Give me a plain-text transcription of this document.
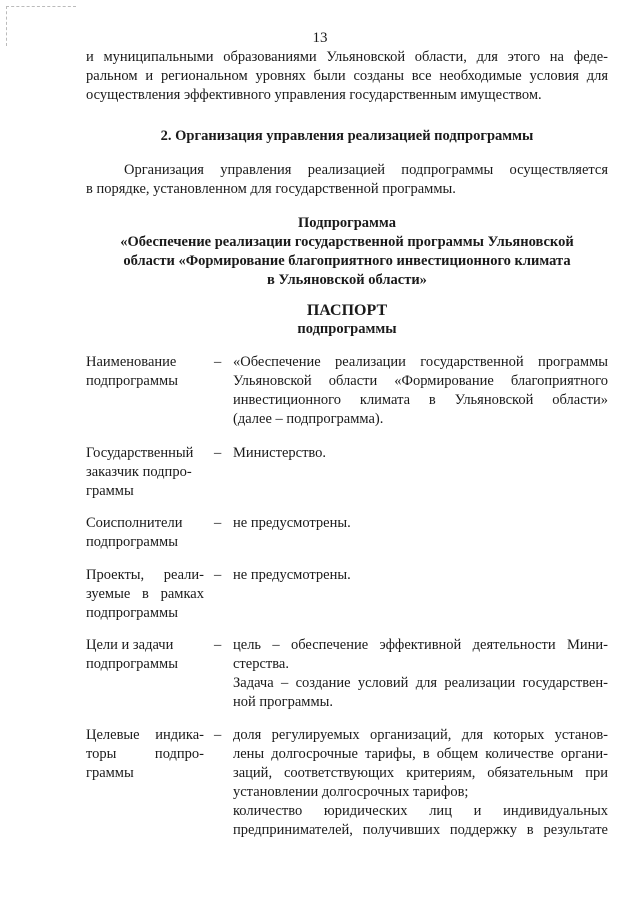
13
и муниципальными образованиями Ульяновской области, для этого на феде-
ральном и региональном уровнях были созданы все необходимые условия для
осуществления эффективного управления государственным имуществом.
2. Организация управления реализацией подпрограммы
Организация управления реализацией подпрограммы осуществляется
в порядке, установленном для государственной программы.
Подпрограмма
«Обеспечение реализации государственной программы Ульяновской
области «Формирование благоприятного инвестиционного климата
в Ульяновской области»
ПАСПОРТ
подпрограммы
Наименование
подпрограммы
– «Обеспечение реализации государственной программы
Ульяновской области «Формирование благоприятного
инвестиционного климата в Ульяновской области»
(далее – подпрограмма).
Государственный
заказчик подпро-
граммы
– Министерство.
Соисполнители
подпрограммы
– не предусмотрены.
Проекты, реали-
зуемые в рамках
подпрограммы
– не предусмотрены.
Цели и задачи
подпрограммы
– цель – обеспечение эффективной деятельности Мини-
стерства.
Задача – создание условий для реализации государствен-
ной программы.
Целевые индика-
торы подпро-
граммы
– доля регулируемых организаций, для которых установ-
лены долгосрочные тарифы, в общем количестве органи-
заций, соответствующих критериям, обязательным при
установлении долгосрочных тарифов;
количество юридических лиц и индивидуальных
предпринимателей, получивших поддержку в результате
